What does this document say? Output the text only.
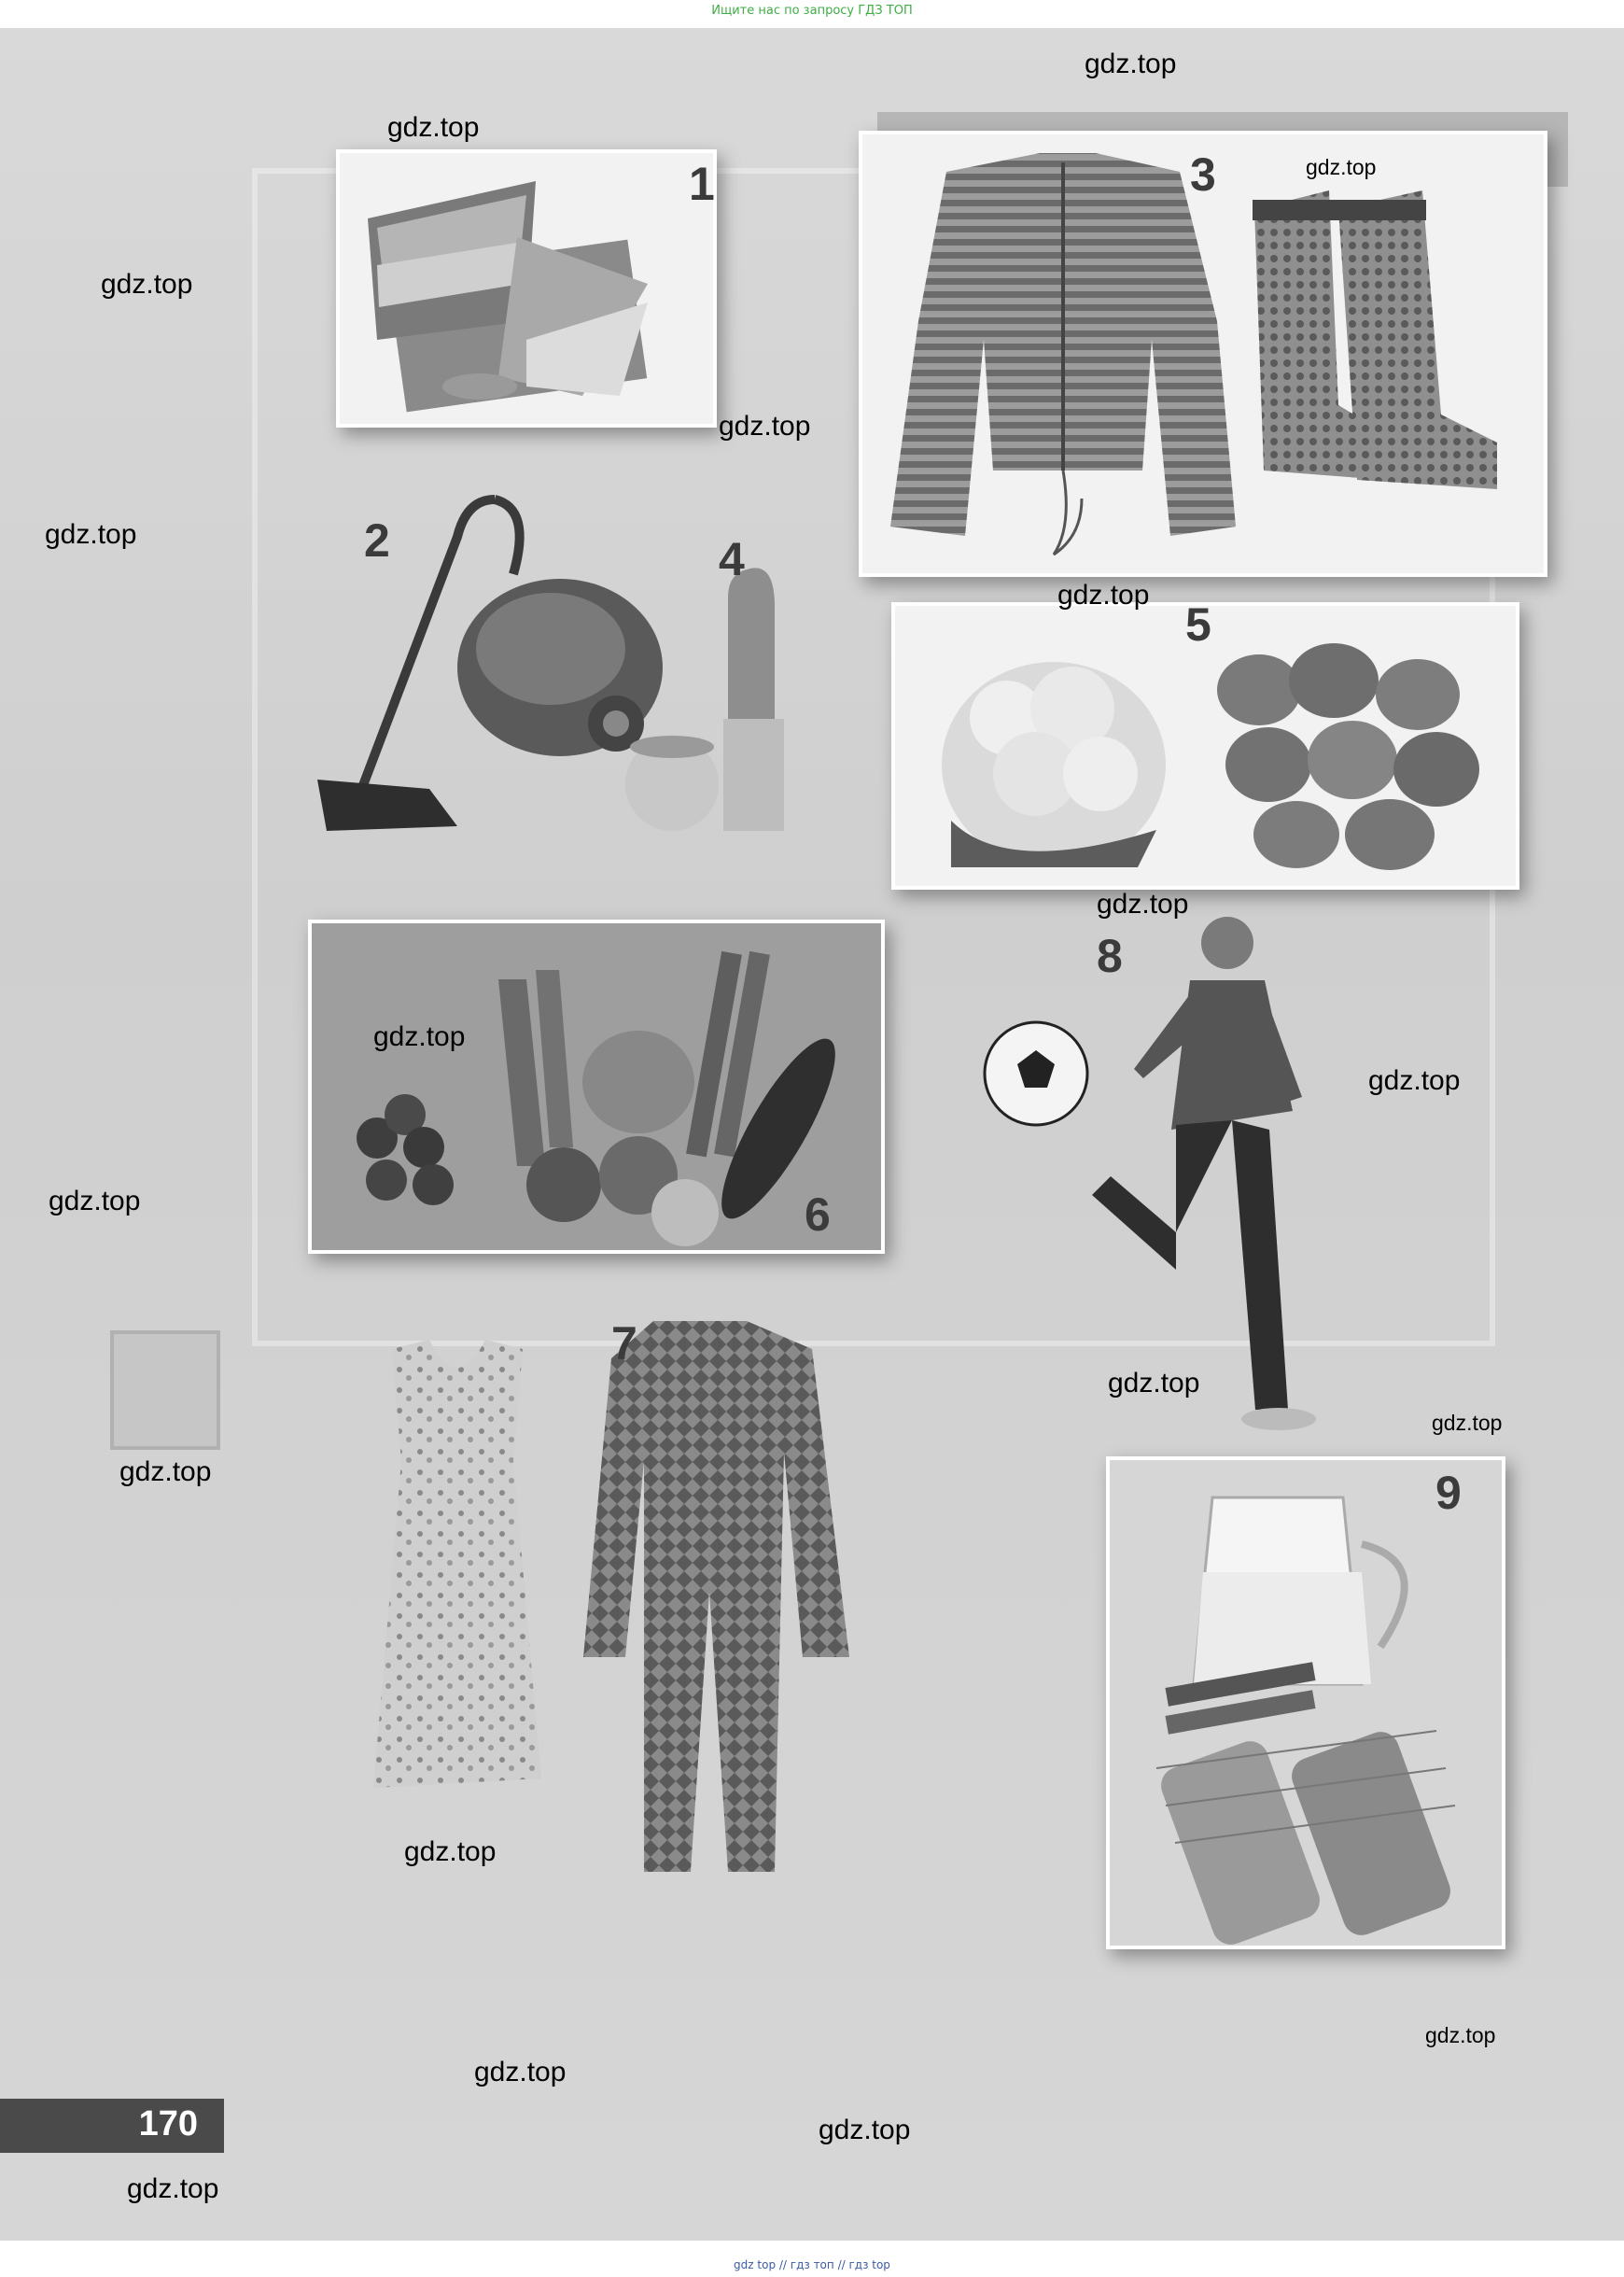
Ищите нас по запросу ГДЗ ТОП
1	3
2	4
5
6
8
7
9
gdz.top
gdz.top
gdz.top
gdz.top
gdz.top
gdz.top
gdz.top
gdz.top
gdz.top
gdz.top
gdz.top
gdz.top
gdz.top
gdz.top
gdz.top
gdz.top
gdz.top
gdz.top
gdz.top
170
gdz top // гдз топ // гдз top
